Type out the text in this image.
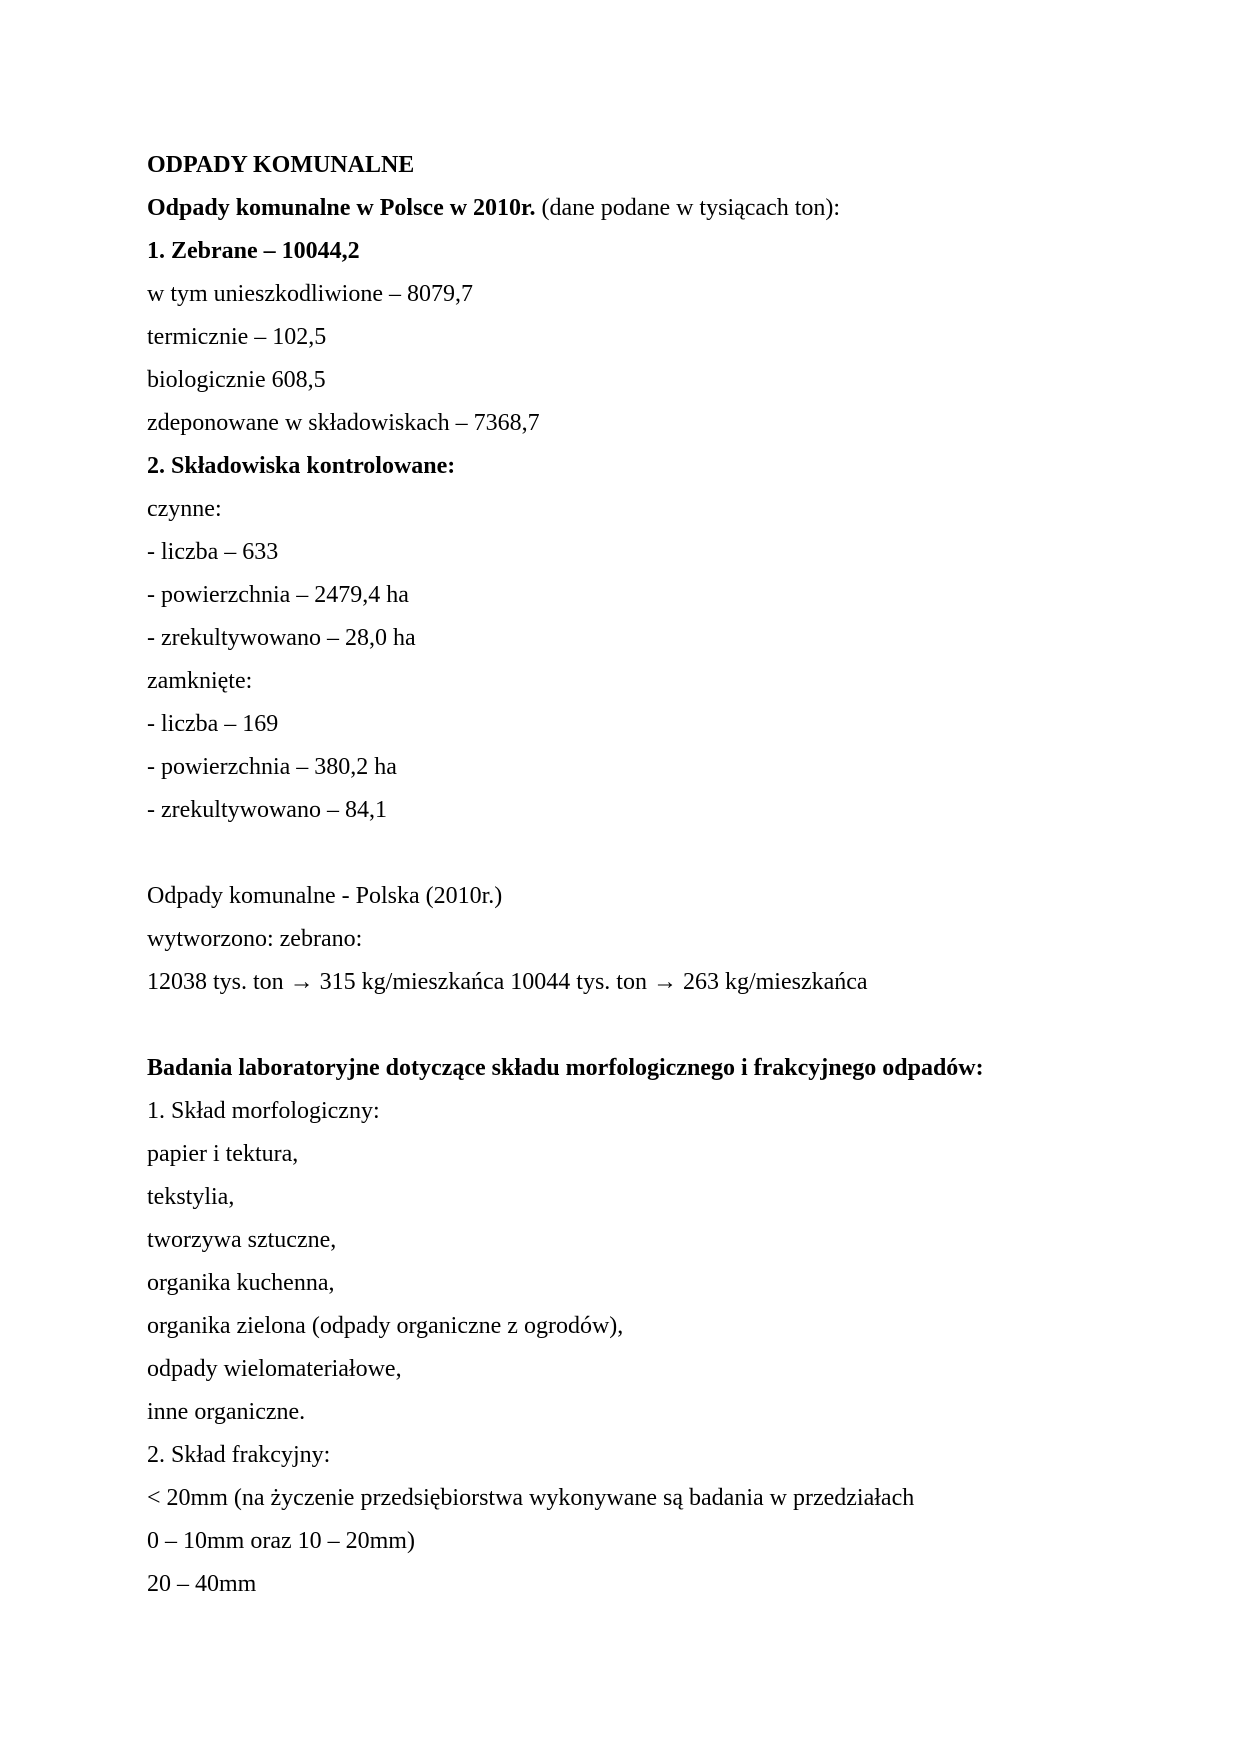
ODPADY KOMUNALNE
Odpady komunalne w Polsce w 2010r. (dane podane w tysiącach ton):
1. Zebrane – 10044,2
w tym unieszkodliwione – 8079,7
termicznie – 102,5
biologicznie 608,5
zdeponowane w składowiskach – 7368,7
2. Składowiska kontrolowane:
czynne:
- liczba – 633
- powierzchnia – 2479,4 ha
- zrekultywowano – 28,0 ha
zamknięte:
- liczba – 169
- powierzchnia – 380,2 ha
- zrekultywowano – 84,1
Odpady komunalne - Polska (2010r.)
wytworzono: zebrano:
12038 tys. ton → 315 kg/mieszkańca 10044 tys. ton → 263 kg/mieszkańca
Badania laboratoryjne dotyczące składu morfologicznego i frakcyjnego odpadów:
1. Skład morfologiczny:
papier i tektura,
tekstylia,
tworzywa sztuczne,
organika kuchenna,
organika zielona (odpady organiczne z ogrodów),
odpady wielomateriałowe,
inne organiczne.
2. Skład frakcyjny:
< 20mm (na życzenie przedsiębiorstwa wykonywane są badania w przedziałach
0 – 10mm oraz 10 – 20mm)
20 – 40mm
